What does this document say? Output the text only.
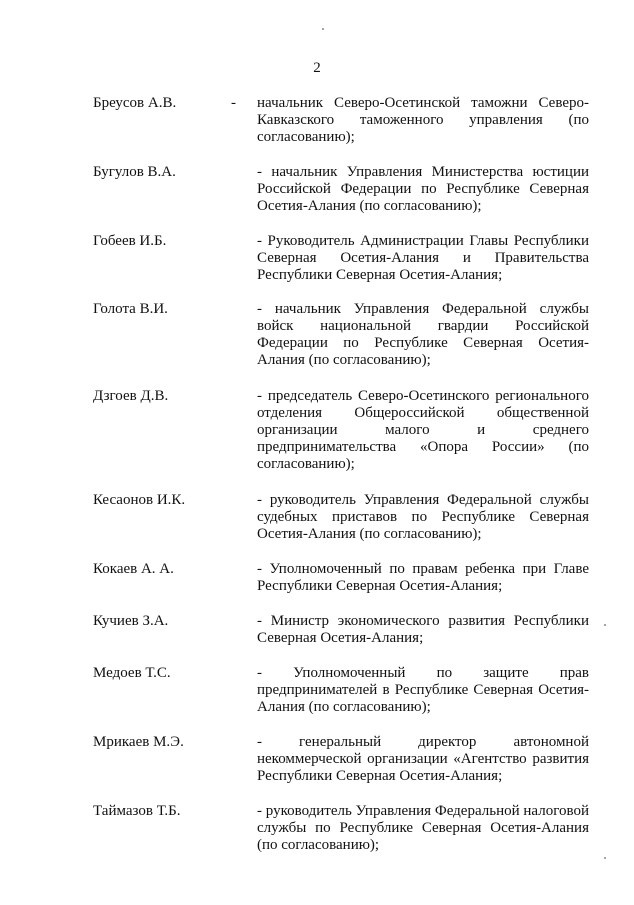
2
Бреусов А.В.	- начальник Северо-Осетинской таможни Северо-Кавказского таможенного управления (по согласованию);
Бугулов В.А.	- начальник Управления Министерства юстиции Российской Федерации по Республике Северная Осетия-Алания (по согласованию);
Гобеев И.Б.	- Руководитель Администрации Главы Республики Северная Осетия-Алания и Правительства Республики Северная Осетия-Алания;
Голота В.И.	- начальник Управления Федеральной службы войск национальной гвардии Российской Федерации по Республике Северная Осетия-Алания (по согласованию);
Дзгоев Д.В.	- председатель Северо-Осетинского регионального отделения Общероссийской общественной организации малого и среднего предпринимательства «Опора России» (по согласованию);
Кесаонов И.К.	- руководитель Управления Федеральной службы судебных приставов по Республике Северная Осетия-Алания (по согласованию);
Кокаев А. А.	- Уполномоченный по правам ребенка при Главе Республики Северная Осетия-Алания;
Кучиев З.А.	- Министр экономического развития Республики Северная Осетия-Алания;
Медоев Т.С.	- Уполномоченный по защите прав предпринимателей в Республике Северная Осетия-Алания (по согласованию);
Мрикаев М.Э.	- генеральный директор автономной некоммерческой организации «Агентство развития Республики Северная Осетия-Алания;
Таймазов Т.Б.	- руководитель Управления Федеральной налоговой службы по Республике Северная Осетия-Алания (по согласованию);
